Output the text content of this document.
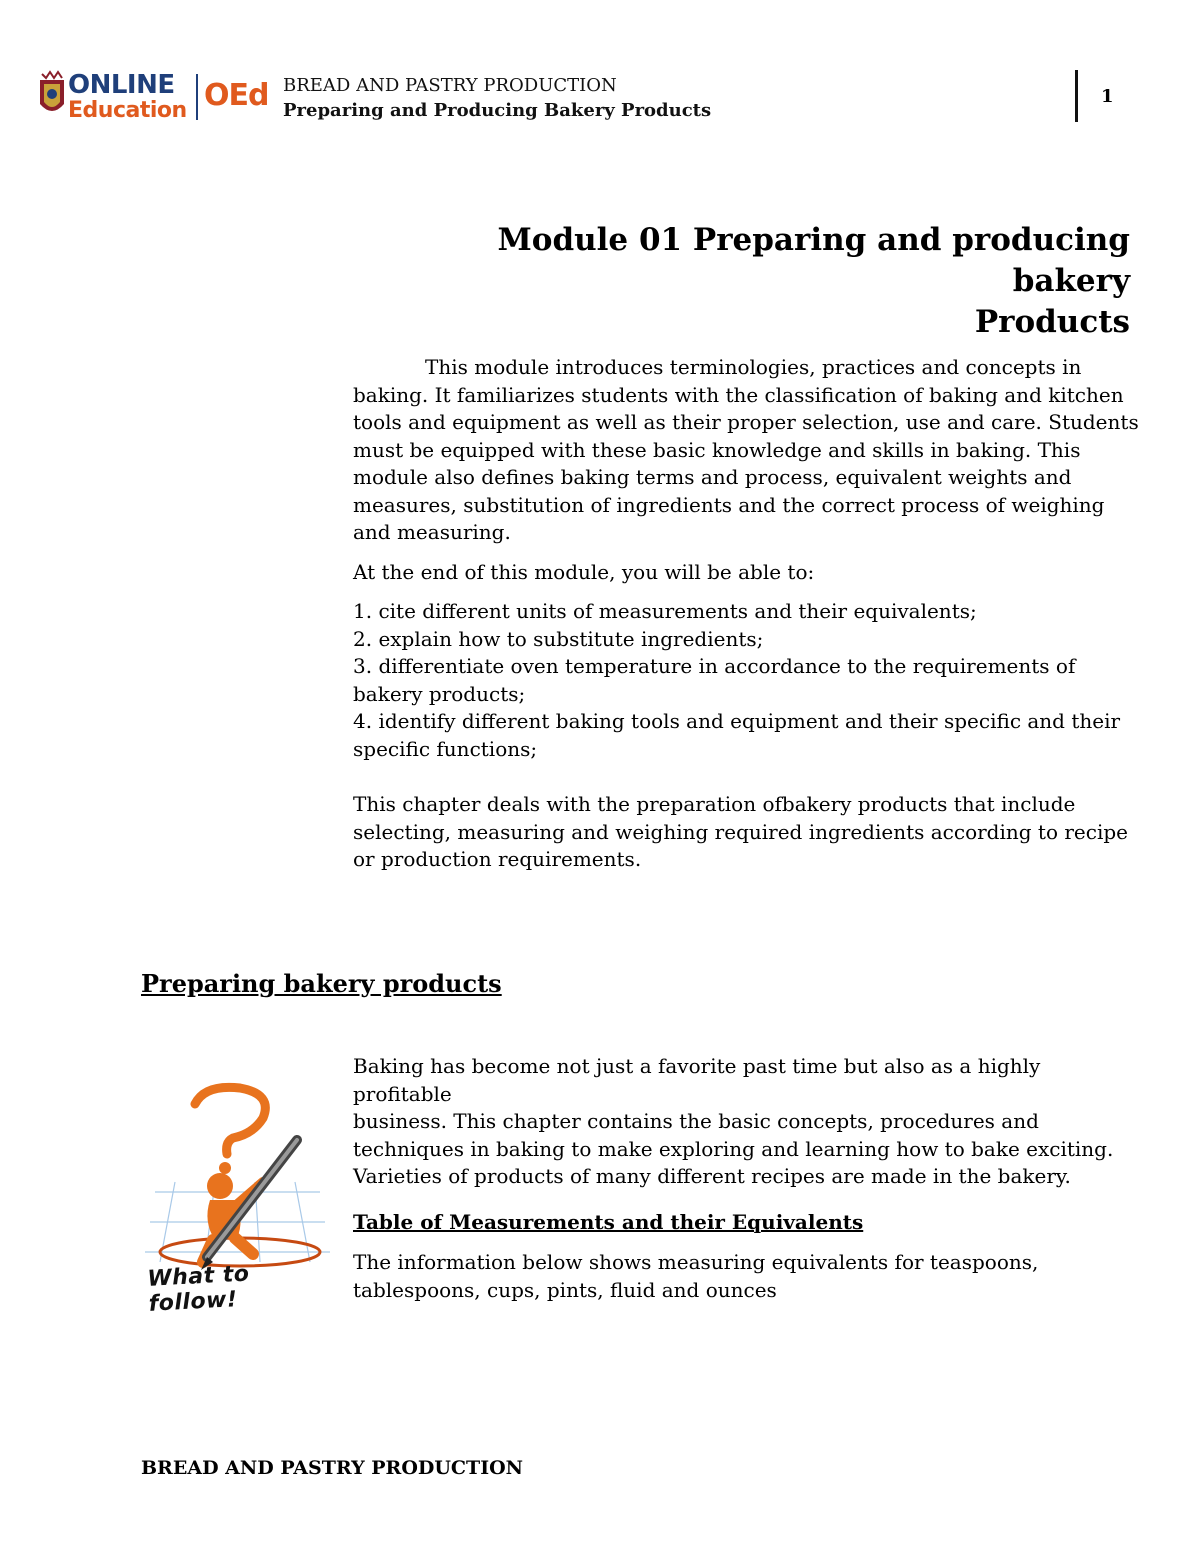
ONLINE
Education OEd BREAD AND PASTRY PRODUCTION
Preparing and Producing Bakery Products
1
Module 01 Preparing and producing bakery
Products

This module introduces terminologies, practices and concepts in

baking. It familiarizes students with the classification of baking and kitchen

tools and equipment as well as their proper selection, use and care. Students

must be equipped with these basic knowledge and skills in baking. This

module also defines baking terms and process, equivalent weights and

measures, substitution of ingredients and the correct process of weighing

and measuring.

At the end of this module, you will be able to:
1. cite different units of measurements and their equivalents;
2. explain how to substitute ingredients;
3. differentiate oven temperature in accordance to the requirements of
bakery products;
4. identify different baking tools and equipment and their specific and their
specific functions;
This chapter deals with the preparation ofbakery products that include
selecting, measuring and weighing required ingredients according to recipe
or production requirements.
Preparing bakery products
What to follow!
Baking has become not just a favorite past time but also as a highly profitable
business. This chapter contains the basic concepts, procedures and
techniques in baking to make exploring and learning how to bake exciting.
Varieties of products of many different recipes are made in the bakery.
Table of Measurements and their Equivalents
The information below shows measuring equivalents for teaspoons,
tablespoons, cups, pints, fluid and ounces
BREAD AND PASTRY PRODUCTION
